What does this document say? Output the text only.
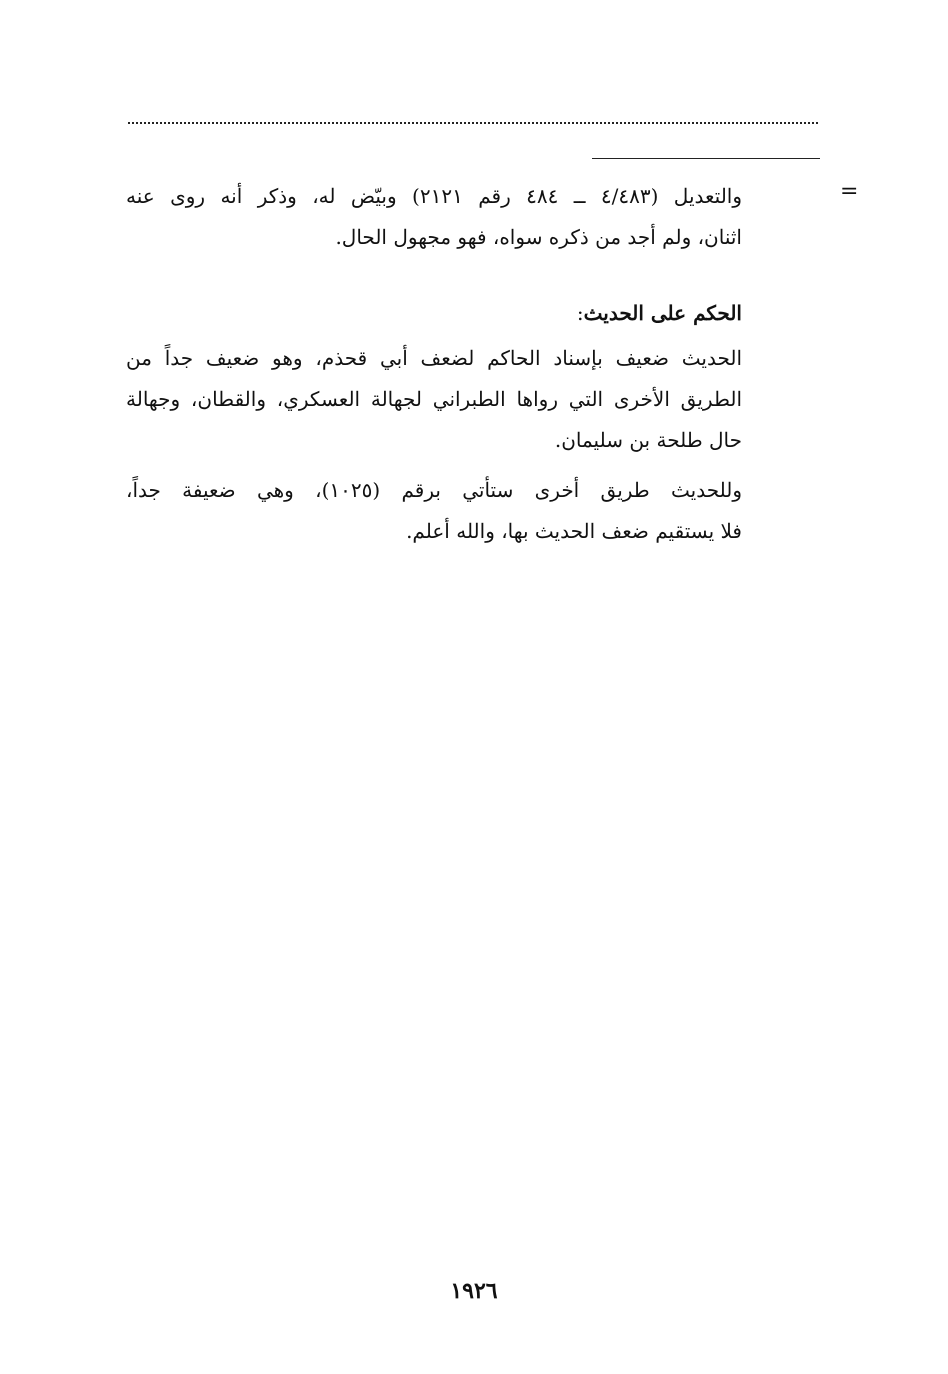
=
والتعديل (٤/٤٨٣ ــ ٤٨٤ رقم ٢١٢١) وبيّض له، وذكر أنه روى عنه
اثنان، ولم أجد من ذكره سواه، فهو مجهول الحال.
الحكم على الحديث:
الحديث ضعيف بإسناد الحاكم لضعف أبي قحذم، وهو ضعيف جداً من
الطريق الأخرى التي رواها الطبراني لجهالة العسكري، والقطان، وجهالة
حال طلحة بن سليمان.
وللحديث طريق أخرى ستأتي برقم (١٠٢٥)، وهي ضعيفة جداً،
فلا يستقيم ضعف الحديث بها، والله أعلم.
١٩٢٦
